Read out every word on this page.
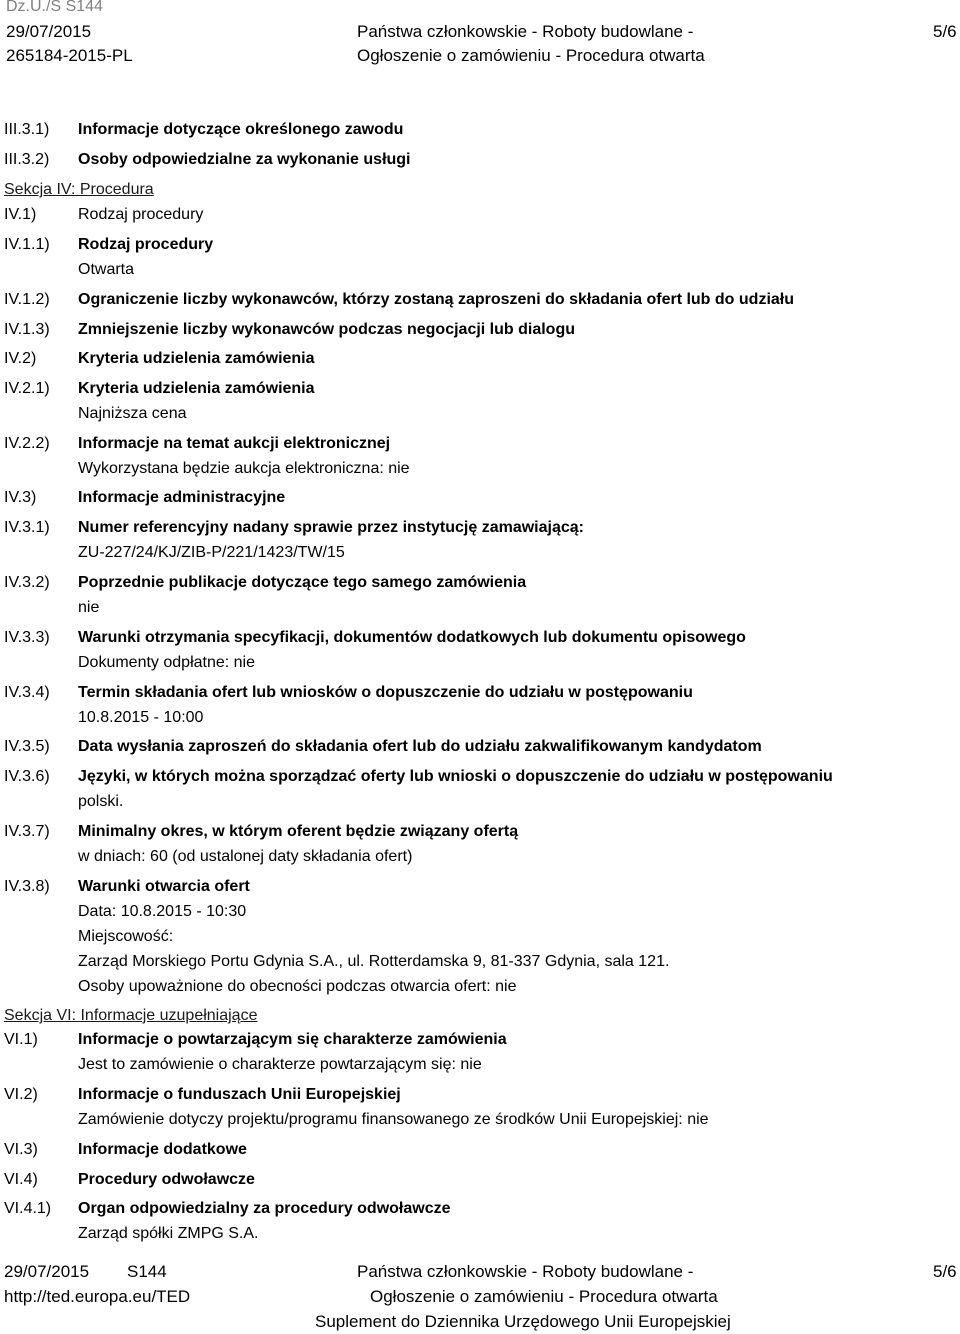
Dz.U./S S144
29/07/2015
265184-2015-PL
Państwa członkowskie - Roboty budowlane -
Ogłoszenie o zamówieniu - Procedura otwarta
5/6
Sekcja IV: Procedura
Sekcja VI: Informacje uzupełniające
III.3.1) Informacje dotyczące określonego zawodu
III.3.2) Osoby odpowiedzialne za wykonanie usługi
IV.1)	Rodzaj procedury
IV.1.1) Rodzaj procedury
Otwarta
IV.1.2) Ograniczenie liczby wykonawców, którzy zostaną zaproszeni do składania ofert lub do udziału
IV.1.3) Zmniejszenie liczby wykonawców podczas negocjacji lub dialogu
IV.2)	Kryteria udzielenia zamówienia
IV.2.1) Kryteria udzielenia zamówienia
Najniższa cena
IV.2.2) Informacje na temat aukcji elektronicznej
Wykorzystana będzie aukcja elektroniczna: nie
IV.3)	Informacje administracyjne
IV.3.1) Numer referencyjny nadany sprawie przez instytucję zamawiającą:
ZU-227/24/KJ/ZIB-P/221/1423/TW/15
IV.3.2) Poprzednie publikacje dotyczące tego samego zamówienia
nie
IV.3.3) Warunki otrzymania specyfikacji, dokumentów dodatkowych lub dokumentu opisowego
Dokumenty odpłatne: nie
IV.3.4) Termin składania ofert lub wniosków o dopuszczenie do udziału w postępowaniu
10.8.2015 - 10:00
IV.3.5) Data wysłania zaproszeń do składania ofert lub do udziału zakwalifikowanym kandydatom
IV.3.6) Języki, w których można sporządzać oferty lub wnioski o dopuszczenie do udziału w postępowaniu
polski.
IV.3.7) Minimalny okres, w którym oferent będzie związany ofertą
w dniach: 60 (od ustalonej daty składania ofert)
IV.3.8) Warunki otwarcia ofert
Data: 10.8.2015 - 10:30
Miejscowość:
Zarząd Morskiego Portu Gdynia S.A., ul. Rotterdamska 9, 81-337 Gdynia, sala 121.
Osoby upoważnione do obecności podczas otwarcia ofert: nie
VI.1)	Informacje o powtarzającym się charakterze zamówienia
Jest to zamówienie o charakterze powtarzającym się: nie
VI.2)	Informacje o funduszach Unii Europejskiej
Zamówienie dotyczy projektu/programu finansowanego ze środków Unii Europejskiej: nie
VI.3)	Informacje dodatkowe
VI.4)	Procedury odwoławcze
VI.4.1) Organ odpowiedzialny za procedury odwoławcze
Zarząd spółki ZMPG S.A.
29/07/2015 S144
http://ted.europa.eu/TED
Państwa członkowskie - Roboty budowlane -
Ogłoszenie o zamówieniu - Procedura otwarta
Suplement do Dziennika Urzędowego Unii Europejskiej
5/6
